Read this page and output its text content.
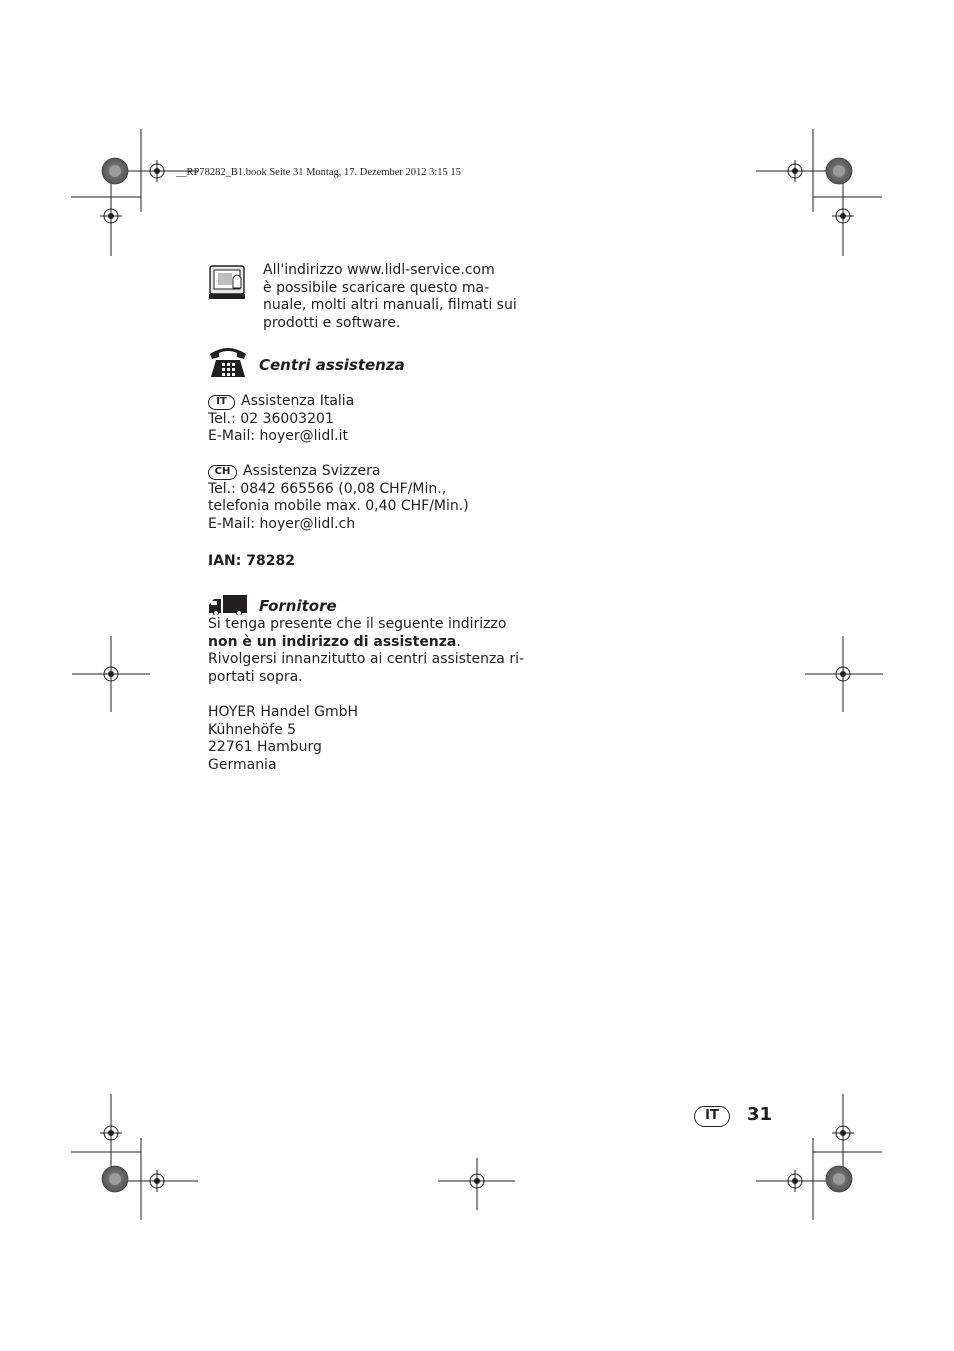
__RP78282_B1.book Seite 31 Montag, 17. Dezember 2012 3:15 15
All'indirizzo www.lidl-service.com
è possibile scaricare questo ma-
nuale, molti altri manuali, filmati sui
prodotti e software.
Centri assistenza
IT Assistenza Italia
Tel.: 02 36003201
E-Mail: hoyer@lidl.it
CH Assistenza Svizzera
Tel.: 0842 665566 (0,08 CHF/Min.,
telefonia mobile max. 0,40 CHF/Min.)
E-Mail: hoyer@lidl.ch
IAN: 78282
Fornitore
Si tenga presente che il seguente indirizzo
non è un indirizzo di assistenza.
Rivolgersi innanzitutto ai centri assistenza ri-
portati sopra.
HOYER Handel GmbH
Kühnehöfe 5
22761 Hamburg
Germania
IT	31
